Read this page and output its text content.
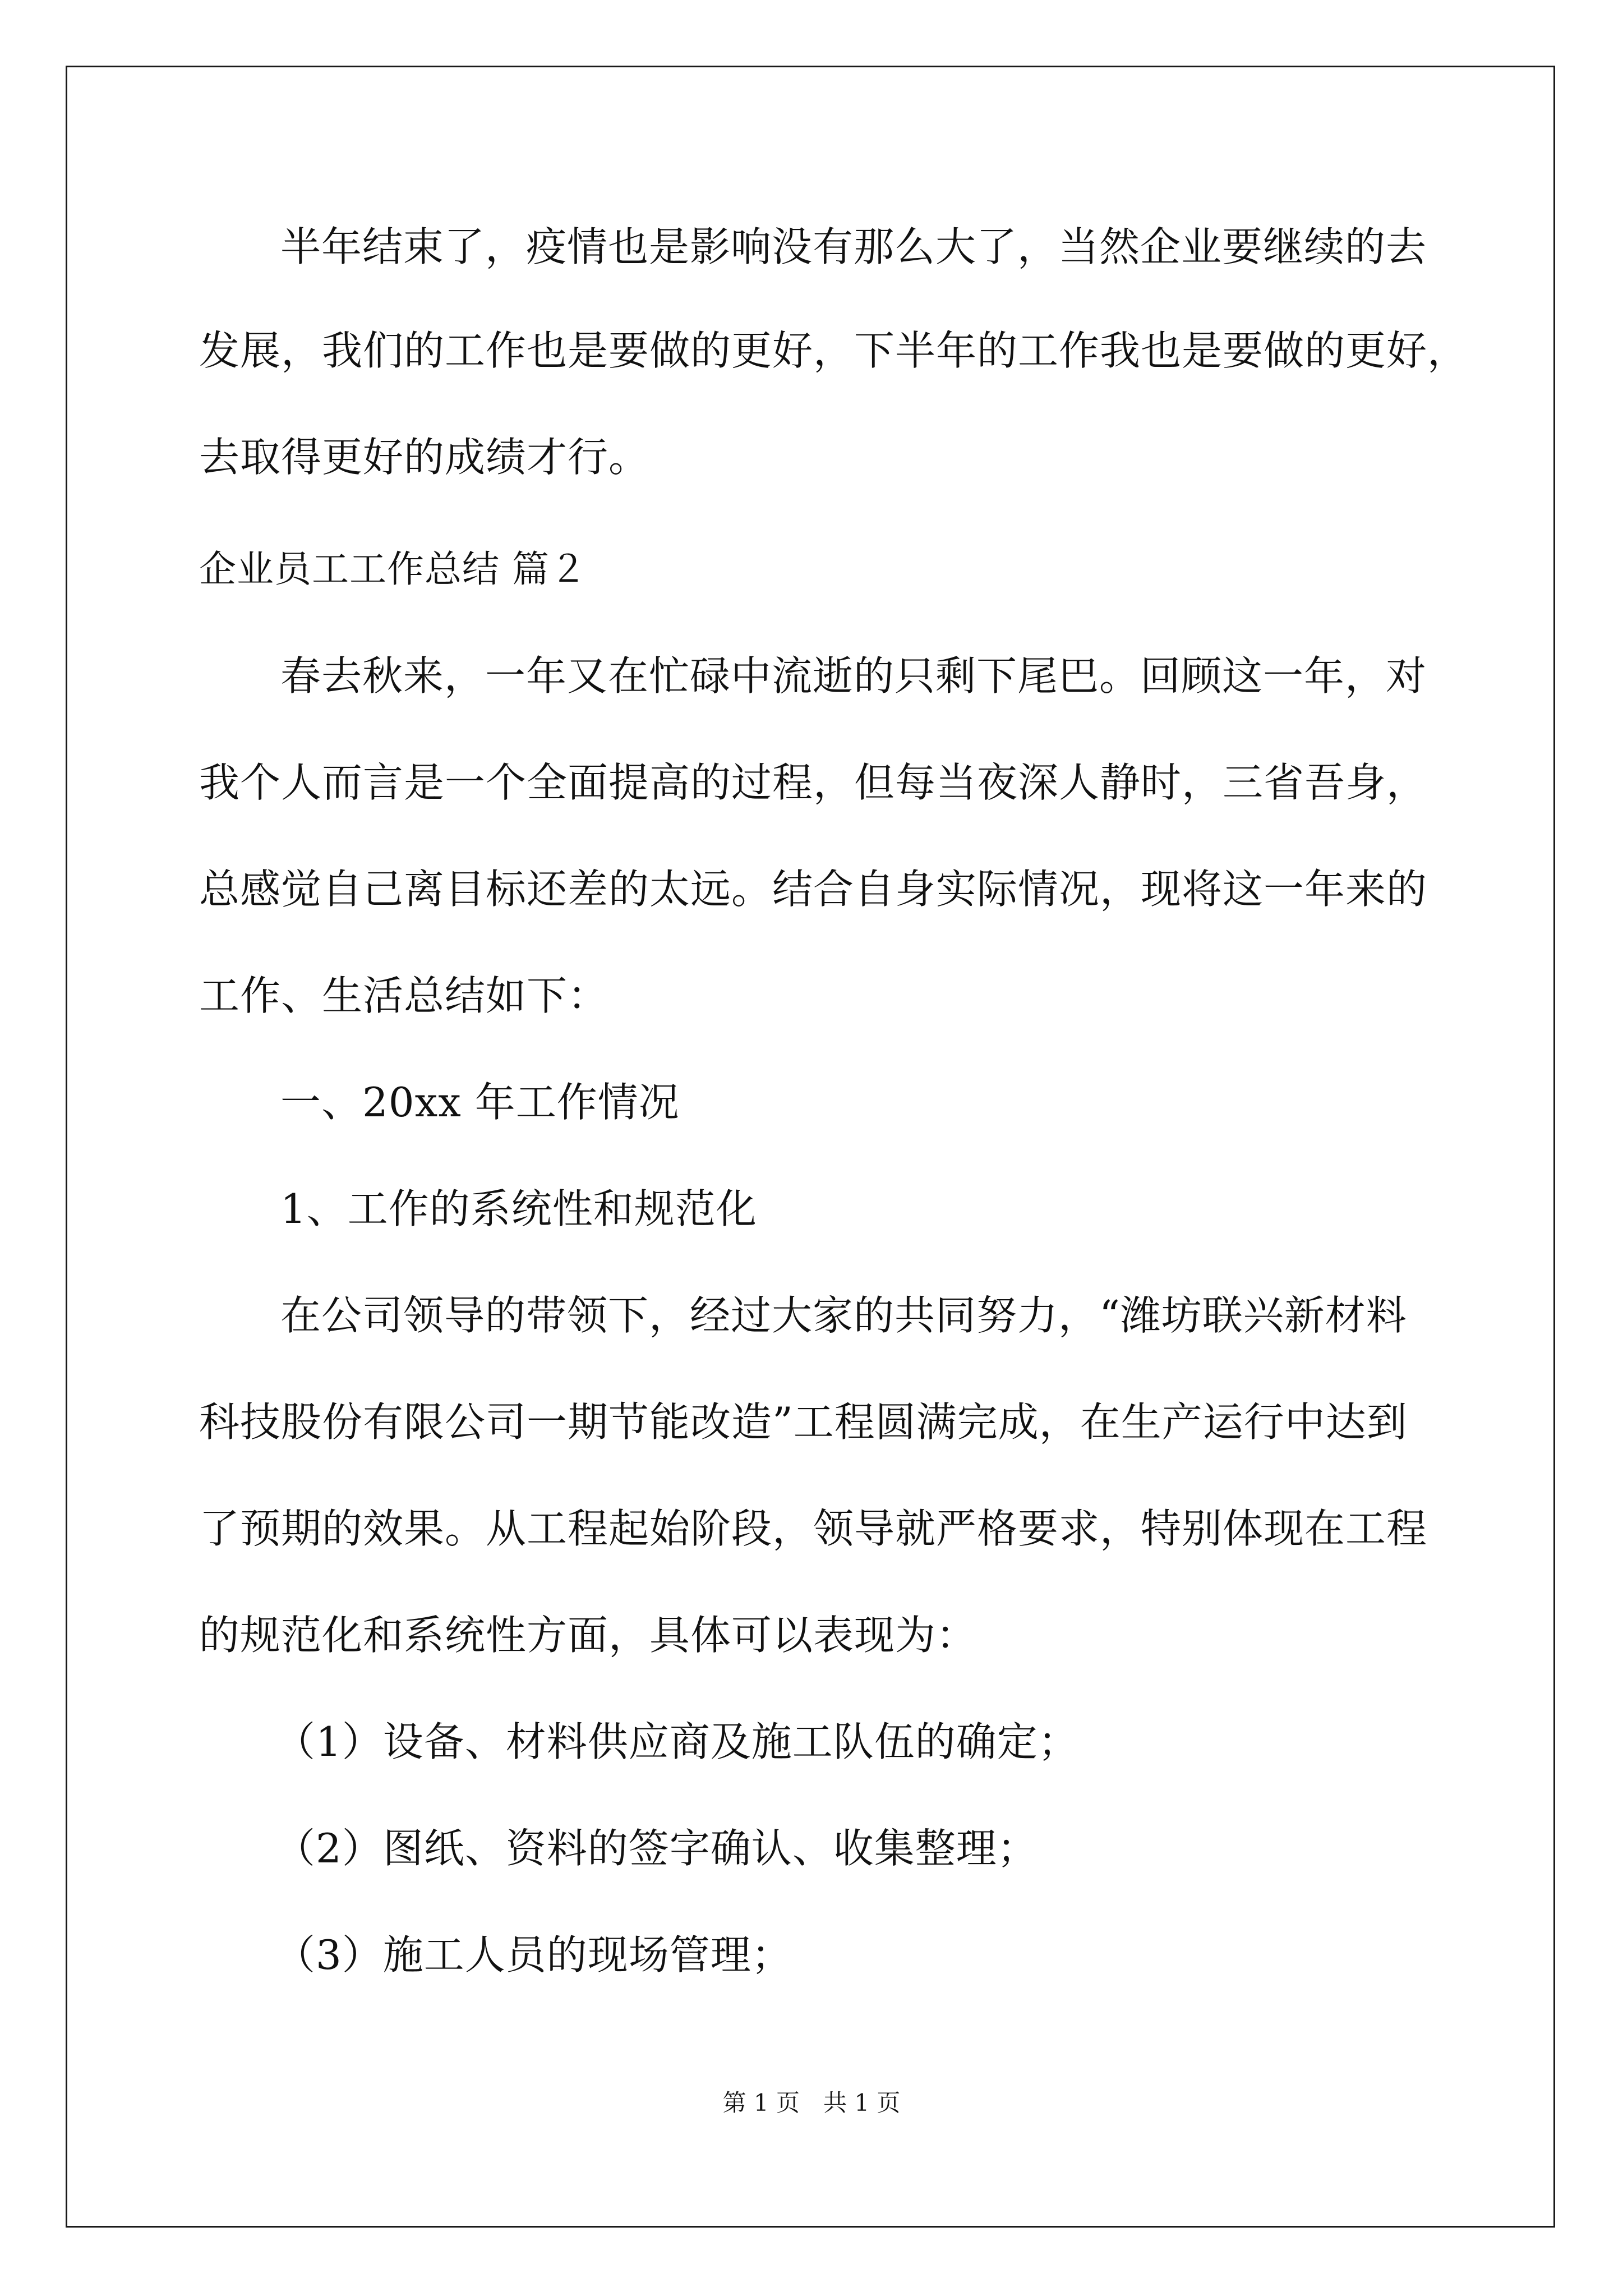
半年结束了，疫情也是影响没有那么大了，当然企业要继续的去
发展，我们的工作也是要做的更好，下半年的工作我也是要做的更好，
去取得更好的成绩才行。
企业员工工作总结 篇２
春去秋来，一年又在忙碌中流逝的只剩下尾巴。回顾这一年，对
我个人而言是一个全面提高的过程，但每当夜深人静时，三省吾身，
总感觉自己离目标还差的太远。结合自身实际情况，现将这一年来的
工作、生活总结如下：
一、20xx 年工作情况
1、工作的系统性和规范化
在公司领导的带领下，经过大家的共同努力，“潍坊联兴新材料
科技股份有限公司一期节能改造”工程圆满完成，在生产运行中达到
了预期的效果。从工程起始阶段，领导就严格要求，特别体现在工程
的规范化和系统性方面，具体可以表现为：
（1）设备、材料供应商及施工队伍的确定；
（2）图纸、资料的签字确认、收集整理；
（3）施工人员的现场管理；
第 1 页　共 1 页
